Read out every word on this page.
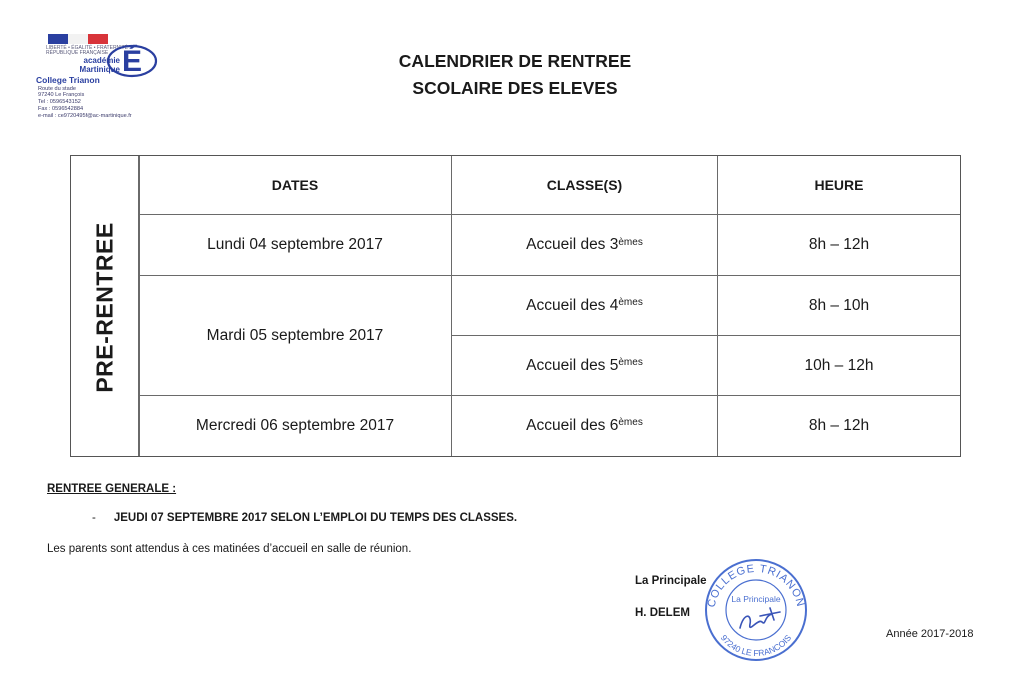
LIBERTÉ • ÉGALITÉ • FRATERNITÉ
RÉPUBLIQUE FRANÇAISE É
académie
Martinique
College Trianon
Route du stade
97240 Le François
Tel : 0596543152
Fax : 0596542884
e-mail : ce9720495f@ac-martinique.fr
CALENDRIER DE RENTREE
SCOLAIRE DES ELEVES
PRE-RENTREE
DATES	CLASSE(S)	HEURE
Lundi 04 septembre 2017	Accueil des 3èmes	8h – 12h
Mardi 05 septembre 2017
Accueil des 4èmes	8h – 10h
Accueil des 5èmes	10h – 12h
Mercredi 06 septembre 2017	Accueil des 6èmes	8h – 12h
RENTREE GENERALE :
- JEUDI 07 SEPTEMBRE 2017 SELON L’EMPLOI DU TEMPS DES CLASSES.
Les parents sont attendus à ces matinées d’accueil en salle de réunion.
La Principale
H. DELEM
COLLEGE TRIANON
97240 LE FRANCOIS
La Principale
Année 2017-2018
